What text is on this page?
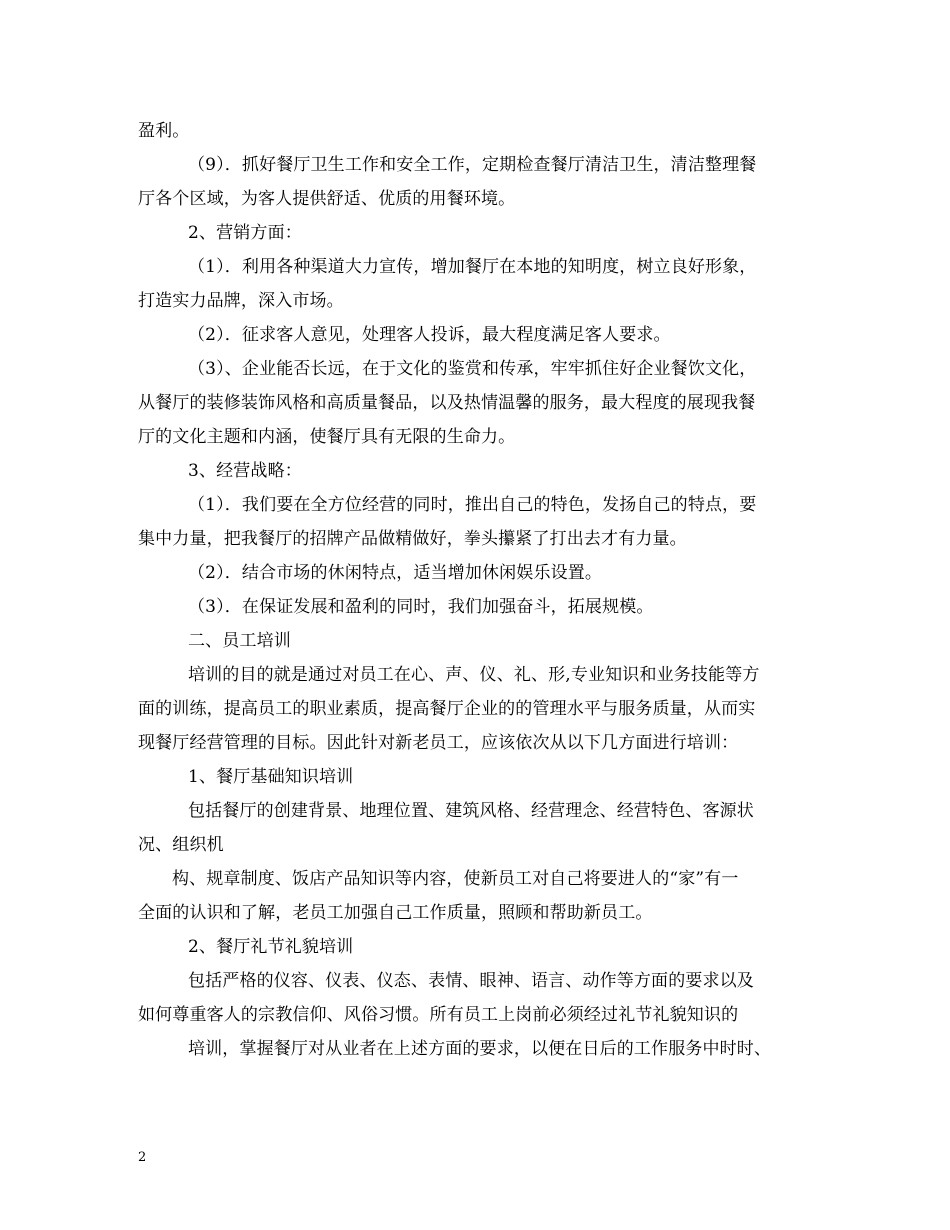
盈利。
（9）．抓好餐厅卫生工作和安全工作，定期检查餐厅清洁卫生，清洁整理餐
厅各个区域，为客人提供舒适、优质的用餐环境。
2、营销方面：
（1）．利用各种渠道大力宣传，增加餐厅在本地的知明度，树立良好形象，
打造实力品牌，深入市场。
（2）．征求客人意见，处理客人投诉，最大程度满足客人要求。
（3）、企业能否长远，在于文化的鉴赏和传承，牢牢抓住好企业餐饮文化，
从餐厅的装修装饰风格和高质量餐品，以及热情温馨的服务，最大程度的展现我餐
厅的文化主题和内涵，使餐厅具有无限的生命力。
3、经营战略：
（1）．我们要在全方位经营的同时，推出自己的特色，发扬自己的特点，要
集中力量，把我餐厅的招牌产品做精做好，拳头攥紧了打出去才有力量。
（2）．结合市场的休闲特点，适当增加休闲娱乐设置。
（3）．在保证发展和盈利的同时，我们加强奋斗，拓展规模。
二、员工培训
培训的目的就是通过对员工在心、声、仪、礼、形,专业知识和业务技能等方
面的训练，提高员工的职业素质，提高餐厅企业的的管理水平与服务质量，从而实
现餐厅经营管理的目标。因此针对新老员工，应该依次从以下几方面进行培训：
1、餐厅基础知识培训
包括餐厅的创建背景、地理位置、建筑风格、经营理念、经营特色、客源状
况、组织机
构、规章制度、饭店产品知识等内容，使新员工对自己将要进人的“家”有一
全面的认识和了解，老员工加强自己工作质量，照顾和帮助新员工。
2、餐厅礼节礼貌培训
包括严格的仪容、仪表、仪态、表情、眼神、语言、动作等方面的要求以及
如何尊重客人的宗教信仰、风俗习惯。所有员工上岗前必须经过礼节礼貌知识的
培训，掌握餐厅对从业者在上述方面的要求，以便在日后的工作服务中时时、
2
